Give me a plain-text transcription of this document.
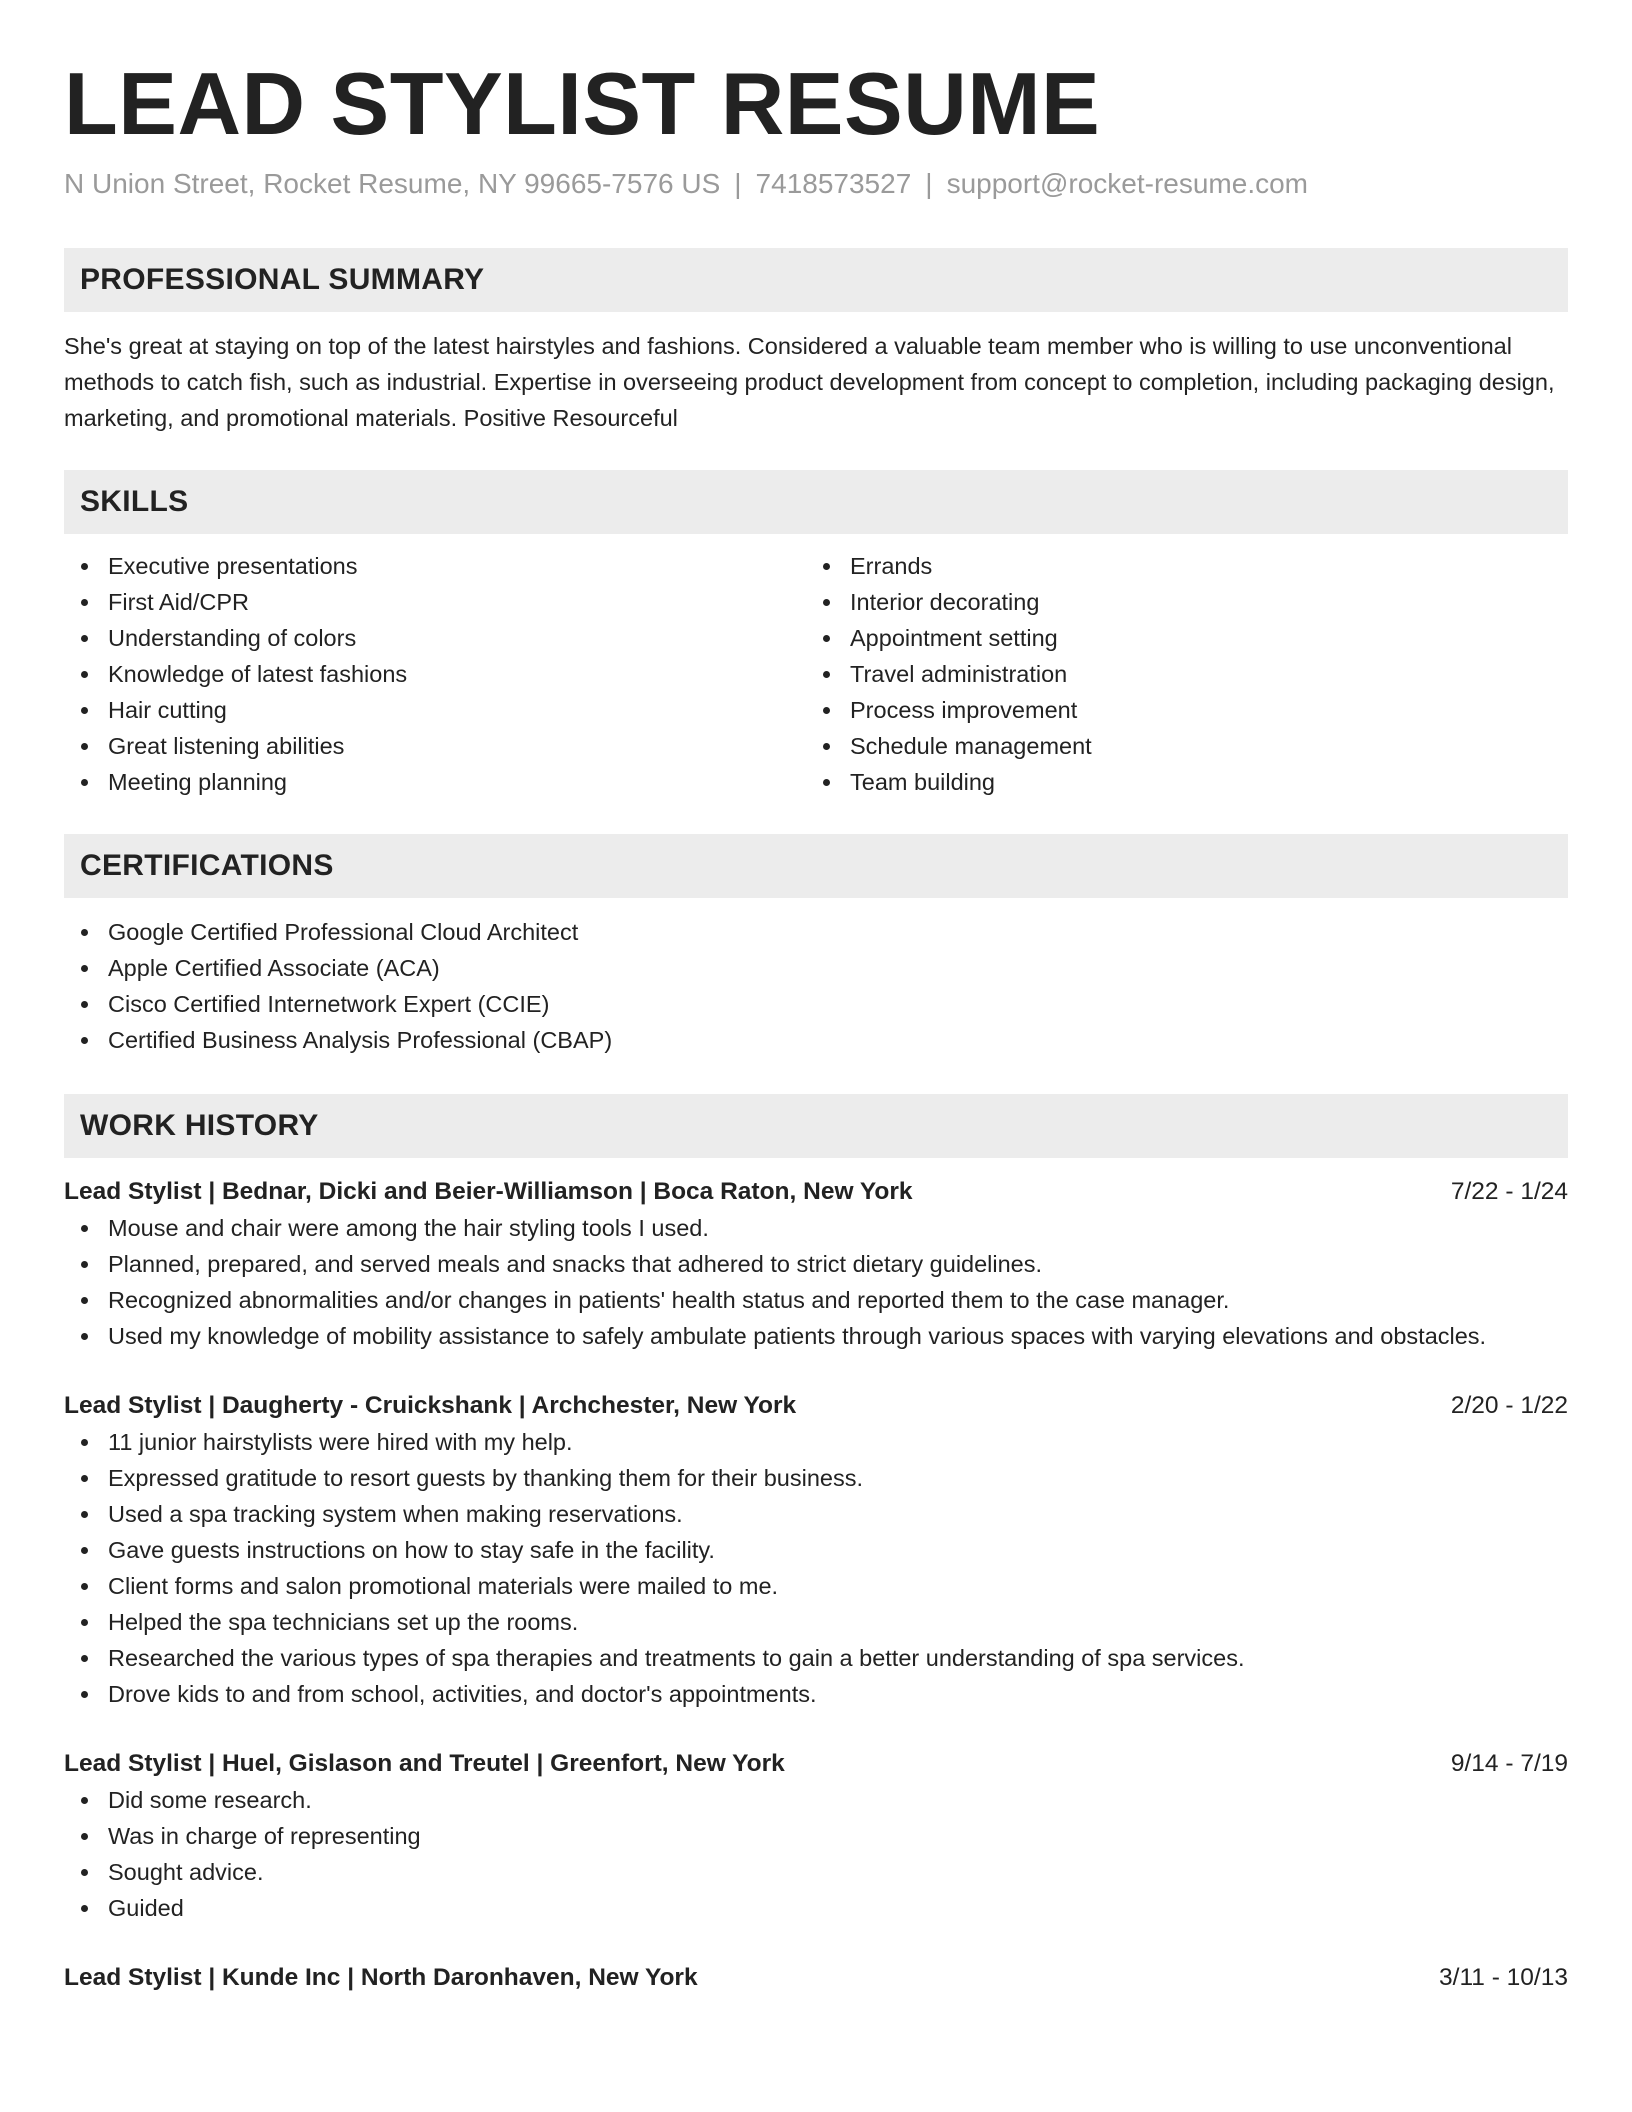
LEAD STYLIST RESUME
N Union Street, Rocket Resume, NY 99665-7576 US | 7418573527 | support@rocket-resume.com
PROFESSIONAL SUMMARY
She's great at staying on top of the latest hairstyles and fashions. Considered a valuable team member who is willing to use unconventional methods to catch fish, such as industrial. Expertise in overseeing product development from concept to completion, including packaging design, marketing, and promotional materials. Positive Resourceful
SKILLS
Executive presentations
First Aid/CPR
Understanding of colors
Knowledge of latest fashions
Hair cutting
Great listening abilities
Meeting planning
Errands
Interior decorating
Appointment setting
Travel administration
Process improvement
Schedule management
Team building
CERTIFICATIONS
Google Certified Professional Cloud Architect
Apple Certified Associate (ACA)
Cisco Certified Internetwork Expert (CCIE)
Certified Business Analysis Professional (CBAP)
WORK HISTORY
Lead Stylist | Bednar, Dicki and Beier-Williamson | Boca Raton, New York	7/22 - 1/24
Mouse and chair were among the hair styling tools I used.
Planned, prepared, and served meals and snacks that adhered to strict dietary guidelines.
Recognized abnormalities and/or changes in patients' health status and reported them to the case manager.
Used my knowledge of mobility assistance to safely ambulate patients through various spaces with varying elevations and obstacles.
Lead Stylist | Daugherty - Cruickshank | Archchester, New York	2/20 - 1/22
11 junior hairstylists were hired with my help.
Expressed gratitude to resort guests by thanking them for their business.
Used a spa tracking system when making reservations.
Gave guests instructions on how to stay safe in the facility.
Client forms and salon promotional materials were mailed to me.
Helped the spa technicians set up the rooms.
Researched the various types of spa therapies and treatments to gain a better understanding of spa services.
Drove kids to and from school, activities, and doctor's appointments.
Lead Stylist | Huel, Gislason and Treutel | Greenfort, New York	9/14 - 7/19
Did some research.
Was in charge of representing
Sought advice.
Guided
Lead Stylist | Kunde Inc | North Daronhaven, New York	3/11 - 10/13
